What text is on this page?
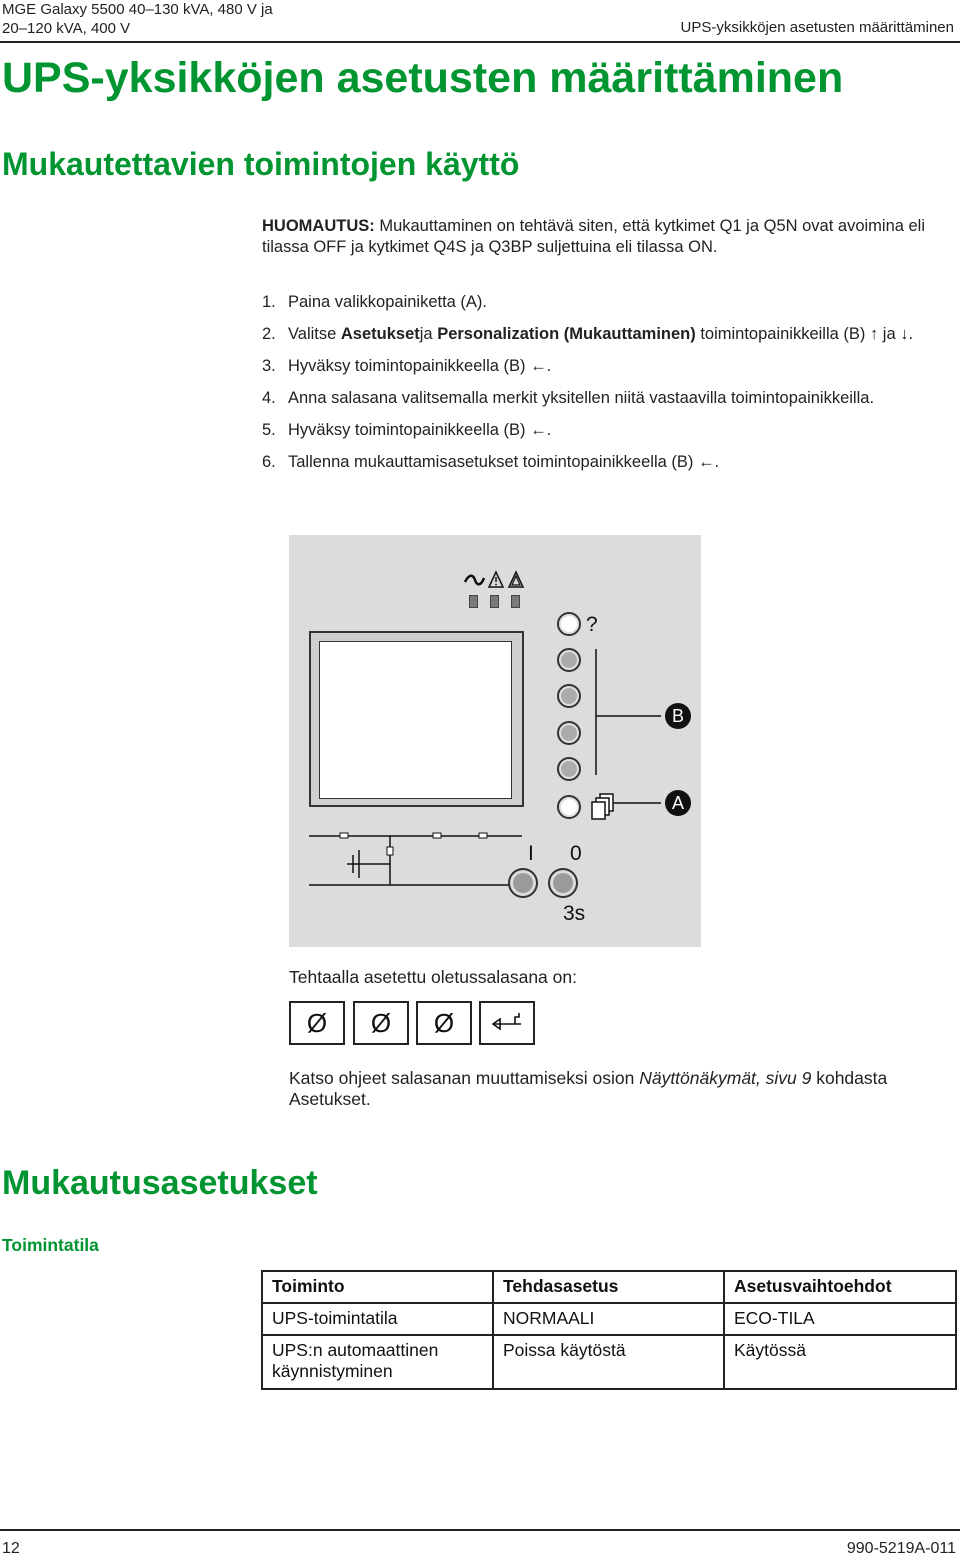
MGE Galaxy 5500 40–130 kVA, 480 V ja
20–120 kVA, 400 V	UPS-yksikköjen asetusten määrittäminen
UPS-yksikköjen asetusten määrittäminen
Mukautettavien toimintojen käyttö
HUOMAUTUS: Mukauttaminen on tehtävä siten, että kytkimet Q1 ja Q5N ovat avoimina eli tilassa OFF ja kytkimet Q4S ja Q3BP suljettuina eli tilassa ON.
1. Paina valikkopainiketta (A).
2. Valitse Asetuksetja Personalization (Mukauttaminen) toimintopainikkeilla (B) ↑ ja ↓.
3. Hyväksy toimintopainikkeella (B) ←.
4. Anna salasana valitsemalla merkit yksitellen niitä vastaavilla toimintopainikkeilla.
5. Hyväksy toimintopainikkeella (B) ←.
6. Tallenna mukauttamisasetukset toimintopainikkeella (B) ←.
?
B
A
I 0
3s
Tehtaalla asetettu oletussalasana on:
Ø	Ø	Ø
Katso ohjeet salasanan muuttamiseksi osion Näyttönäkymät, sivu 9 kohdasta Asetukset.
Mukautusasetukset
Toimintatila
Toiminto	Tehdasasetus	Asetusvaihtoehdot
UPS-toimintatila	NORMAALI	ECO-TILA
UPS:n automaattinen käynnistyminen	Poissa käytöstä	Käytössä
12	990-5219A-011
